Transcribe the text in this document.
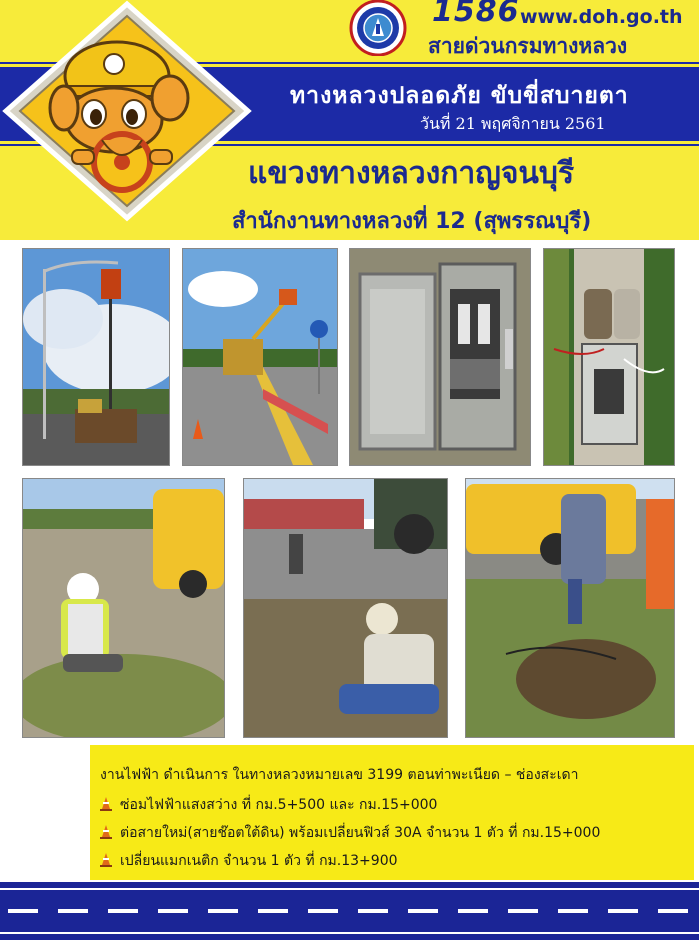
1586 www.doh.go.th
สายด่วนกรมทางหลวง
ทางหลวงปลอดภัย ขับขี่สบายตา
วันที่ 21 พฤศจิกายน 2561
แขวงทางหลวงกาญจนบุรี
สำนักงานทางหลวงที่ 12 (สุพรรณบุรี)
งานไฟฟ้า ดำเนินการ ในทางหลวงหมายเลข 3199 ตอนท่าพะเนียด – ช่องสะเดา
ซ่อมไฟฟ้าแสงสว่าง ที่ กม.5+500 และ กม.15+000
ต่อสายใหม่(สายช๊อตใต้ดิน) พร้อมเปลี่ยนฟิวส์ 30A จำนวน 1 ตัว ที่ กม.15+000
เปลี่ยนแมกเนติก จำนวน 1 ตัว ที่ กม.13+900
